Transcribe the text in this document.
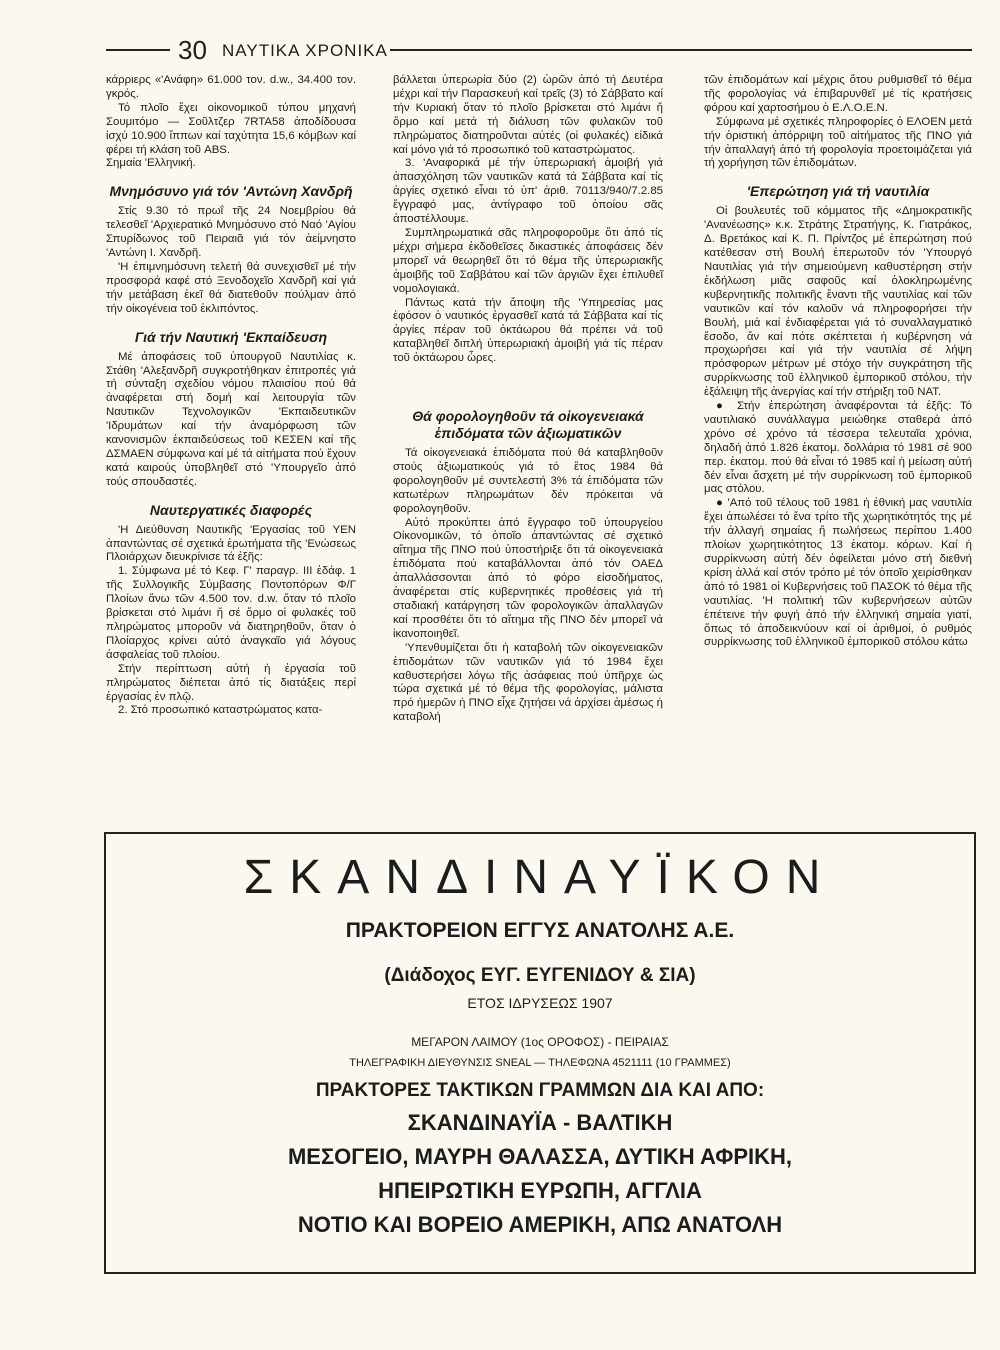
30 ΝΑΥΤΙΚΑ ΧΡΟΝΙΚΑ

κάρριερς «'Ανάφη» 61.000 τον. d.w., 34.400 τον. γκρός.

Τό πλοῖο ἔχει οἰκονομικοῦ τύπου μηχανή Σουμιτόμο — Σοῦλτζερ 7RTA58 ἀποδίδουσα ἰσχύ 10.900 ἵππων καί ταχύτητα 15,6 κόμβων καί φέρει τή κλάση τοῦ ABS.

Σημαία 'Ελληνική.

Μνημόσυνο γιά τόν 'Αντώνη Χανδρῆ

Στίς 9.30 τό πρωΐ τῆς 24 Νοεμβρίου θά τελεσθεῖ 'Αρχιερατικό Μνημόσυνο στό Ναό 'Αγίου Σπυρίδωνος τοῦ Πειραιᾶ γιά τόν ἀείμνηστο 'Αντώνη Ι. Χανδρῆ.

'Η ἐπιμνημόσυνη τελετή θά συνεχισθεῖ μέ τήν προσφορά καφέ στό Ξενοδοχεῖο Χανδρῆ καί γιά τήν μετάβαση ἐκεῖ θά διατεθοῦν πούλμαν ἀπό τήν οἰκογένεια τοῦ ἐκλιπόντος.

Γιά τήν Ναυτική 'Εκπαίδευση

Μέ ἀποφάσεις τοῦ ὑπουργοῦ Ναυτιλίας κ. Στάθη 'Αλεξανδρῆ συγκροτήθηκαν ἐπιτροπές γιά τή σύνταξη σχεδίου νόμου πλαισίου πού θά ἀναφέρεται στή δομή καί λειτουργία τῶν Ναυτικῶν Τεχνολογικῶν 'Εκπαιδευτικῶν 'Ιδρυμάτων καί τήν ἀναμόρφωση τῶν κανονισμῶν ἐκπαιδεύσεως τοῦ ΚΕΣΕΝ καί τῆς ΔΣΜΑΕΝ σύμφωνα καί μέ τά αἰτήματα πού ἔχουν κατά καιρούς ὑποβληθεῖ στό 'Υπουργεῖο ἀπό τούς σπουδαστές.

Ναυτεργατικές διαφορές

'Η Διεύθυνση Ναυτικῆς 'Εργασίας τοῦ ΥΕΝ ἀπαντώντας σέ σχετικά ἐρωτήματα τῆς 'Ενώσεως Πλοιάρχων διευκρίνισε τά ἑξῆς:

1. Σύμφωνα μέ τό Κεφ. Γ' παραγρ. III ἐδάφ. 1 τῆς Συλλογικῆς Σύμβασης Ποντοπόρων Φ/Γ Πλοίων ἄνω τῶν 4.500 τον. d.w. ὅταν τό πλοῖο βρίσκεται στό λιμάνι ἤ σέ ὅρμο οἱ φυλακές τοῦ πληρώματος μποροῦν νά διατηρηθοῦν, ὅταν ὁ Πλοίαρχος κρίνει αὐτό ἀναγκαῖο γιά λόγους ἀσφαλείας τοῦ πλοίου.

Στήν περίπτωση αὐτή ἡ ἐργασία τοῦ πληρώματος διέπεται ἀπό τίς διατάξεις περί ἐργασίας ἐν πλῷ.

2. Στό προσωπικό καταστρώματος κατα-

βάλλεται ὑπερωρία δύο (2) ὡρῶν ἀπό τή Δευτέρα μέχρι καί τήν Παρασκευή καί τρεῖς (3) τό Σάββατο καί τήν Κυριακή ὅταν τό πλοῖο βρίσκεται στό λιμάνι ἤ ὅρμο καί μετά τή διάλυση τῶν φυλακῶν τοῦ πληρώματος διατηροῦνται αὐτές (οἱ φυλακές) εἰδικά καί μόνο γιά τό προσωπικό τοῦ καταστρώματος.

3. 'Αναφορικά μέ τήν ὑπερωριακή ἀμοιβή γιά ἀπασχόληση τῶν ναυτικῶν κατά τά Σάββατα καί τίς ἀργίες σχετικό εἶναι τό ὑπ' ἀριθ. 70113/940/7.2.85 ἔγγραφό μας, ἀντίγραφο τοῦ ὁποίου σᾶς ἀποστέλλουμε.

Συμπληρωματικά σᾶς πληροφοροῦμε ὅτι ἀπό τίς μέχρι σήμερα ἐκδοθεῖσες δικαστικές ἀποφάσεις δέν μπορεῖ νά θεωρηθεῖ ὅτι τό θέμα τῆς ὑπερωριακῆς ἀμοιβῆς τοῦ Σαββάτου καί τῶν ἀργιῶν ἔχει ἐπιλυθεῖ νομολογιακά.

Πάντως κατά τήν ἄποψη τῆς 'Υπηρεσίας μας ἐφόσον ὁ ναυτικός ἐργασθεῖ κατά τά Σάββατα καί τίς ἀργίες πέραν τοῦ ὀκτάωρου θά πρέπει νά τοῦ καταβληθεῖ διπλή ὑπερωριακή ἀμοιβή γιά τίς πέραν τοῦ ὀκτάωρου ὧρες.

Θά φορολογηθοῦν τά οἰκογενειακά ἐπιδόματα τῶν ἀξιωματικῶν

Τά οἰκογενειακά ἐπιδόματα πού θά καταβληθοῦν στούς ἀξιωματικούς γιά τό ἔτος 1984 θά φορολογηθοῦν μέ συντελεστή 3% τά ἐπιδόματα τῶν κατωτέρων πληρωμάτων δέν πρόκειται νά φορολογηθοῦν.

Αὐτό προκύπτει ἀπό ἔγγραφο τοῦ ὑπουργείου Οἰκονομικῶν, τό ὁποῖο ἀπαντώντας σέ σχετικό αἴτημα τῆς ΠΝΟ πού ὑποστήριξε ὅτι τά οἰκογενειακά ἐπιδόματα πού καταβάλλονται ἀπό τόν ΟΑΕΔ ἀπαλλάσσονται ἀπό τό φόρο εἰσοδήματος, ἀναφέρεται στίς κυβερνητικές προθέσεις γιά τή σταδιακή κατάργηση τῶν φορολογικῶν ἀπαλλαγῶν καί προσθέτει ὅτι τό αἴτημα τῆς ΠΝΟ δέν μπορεῖ νά ἱκανοποιηθεῖ.

'Υπενθυμίζεται ὅτι ἡ καταβολή τῶν οἰκογενειακῶν ἐπιδομάτων τῶν ναυτικῶν γιά τό 1984 ἔχει καθυστερήσει λόγω τῆς ἀσάφειας πού ὑπῆρχε ὡς τώρα σχετικά μέ τό θέμα τῆς φορολογίας, μάλιστα πρό ἡμερῶν ἡ ΠΝΟ εἶχε ζητήσει νά ἀρχίσει ἀμέσως ἡ καταβολή

τῶν ἐπιδομάτων καί μέχρις ὅτου ρυθμισθεῖ τό θέμα τῆς φορολογίας νά ἐπιβαρυνθεῖ μέ τίς κρατήσεις φόρου καί χαρτοσήμου ὁ Ε.Λ.Ο.Ε.Ν.

Σύμφωνα μέ σχετικές πληροφορίες ὁ ΕΛΟΕΝ μετά τήν ὁριστική ἀπόρριψη τοῦ αἰτήματος τῆς ΠΝΟ γιά τήν ἀπαλλαγή ἀπό τή φορολογία προετοιμάζεται γιά τή χορήγηση τῶν ἐπιδομάτων.

'Επερώτηση γιά τή ναυτιλία

Οἱ βουλευτές τοῦ κόμματος τῆς «Δημοκρατικῆς 'Ανανέωσης» κ.κ. Στράτης Στρατήγης, Κ. Γιατράκος, Δ. Βρετάκος καί Κ. Π. Πρίντζος μέ ἐπερώτηση πού κατέθεσαν στή Βουλή ἐπερωτοῦν τόν 'Υπουργό Ναυτιλίας γιά τήν σημειούμενη καθυστέρηση στήν ἐκδήλωση μιᾶς σαφοῦς καί ὁλοκληρωμένης κυβερνητικῆς πολιτικῆς ἔναντι τῆς ναυτιλίας καί τῶν ναυτικῶν καί τόν καλοῦν νά πληροφορήσει τήν Βουλή, μιά καί ἐνδιαφέρεται γιά τό συναλλαγματικό ἔσοδο, ἄν καί πότε σκέπτεται ἡ κυβέρνηση νά προχωρήσει καί γιά τήν ναυτιλία σέ λήψη πρόσφορων μέτρων μέ στόχο τήν συγκράτηση τῆς συρρίκνωσης τοῦ ἑλληνικοῦ ἐμπορικοῦ στόλου, τήν ἐξάλειψη τῆς ἀνεργίας καί τήν στήριξη τοῦ ΝΑΤ.

● Στήν ἐπερώτηση ἀναφέρονται τά ἑξῆς: Τό ναυτιλιακό συνάλλαγμα μειώθηκε σταθερά ἀπό χρόνο σέ χρόνο τά τέσσερα τελευταῖα χρόνια, δηλαδή ἀπό 1.826 ἑκατομ. δολλάρια τό 1981 σέ 900 περ. ἑκατομ. πού θά εἶναι τό 1985 καί ἡ μείωση αὐτή δέν εἶναι ἄσχετη μέ τήν συρρίκνωση τοῦ ἐμπορικοῦ μας στόλου.

● 'Από τοῦ τέλους τοῦ 1981 ἡ ἐθνική μας ναυτιλία ἔχει ἀπωλέσει τό ἕνα τρίτο τῆς χωρητικότητός της μέ τήν ἀλλαγή σημαίας ἤ πωλήσεως περίπου 1.400 πλοίων χωρητικότητος 13 ἑκατομ. κόρων. Καί ἡ συρρίκνωση αὐτή δέν ὀφείλεται μόνο στή διεθνή κρίση ἀλλά καί στόν τρόπο μέ τόν ὁποῖο χειρίσθηκαν ἀπό τό 1981 οἱ Κυβερνήσεις τοῦ ΠΑΣΟΚ τό θέμα τῆς ναυτιλίας. 'Η πολιτική τῶν κυβερνήσεων αὐτῶν ἐπέτεινε τήν φυγή ἀπό τήν ἑλληνική σημαία γιατί, ὅπως τό ἀποδεικνύουν καί οἱ ἀριθμοί, ὁ ρυθμός συρρίκνωσης τοῦ ἑλληνικοῦ ἐμπορικοῦ στόλου κάτω

ΣΚΑΝΔΙΝΑΥΪΚΟΝ
ΠΡΑΚΤΟΡΕΙΟΝ ΕΓΓΥΣ ΑΝΑΤΟΛΗΣ Α.Ε.
(Διάδοχος ΕΥΓ. ΕΥΓΕΝΙΔΟΥ & ΣΙΑ)
ΕΤΟΣ ΙΔΡΥΣΕΩΣ 1907
ΜΕΓΑΡΟΝ ΛΑΙΜΟΥ (1ος ΟΡΟΦΟΣ) - ΠΕΙΡΑΙΑΣ
ΤΗΛΕΓΡΑΦΙΚΗ ΔΙΕΥΘΥΝΣΙΣ SNEAL — ΤΗΛΕΦΩΝΑ 4521111 (10 ΓΡΑΜΜΕΣ)
ΠΡΑΚΤΟΡΕΣ ΤΑΚΤΙΚΩΝ ΓΡΑΜΜΩΝ ΔΙΑ ΚΑΙ ΑΠΟ:
ΣΚΑΝΔΙΝΑΥΪΑ - ΒΑΛΤΙΚΗ
ΜΕΣΟΓΕΙΟ, ΜΑΥΡΗ ΘΑΛΑΣΣΑ, ΔΥΤΙΚΗ ΑΦΡΙΚΗ,
ΗΠΕΙΡΩΤΙΚΗ ΕΥΡΩΠΗ, ΑΓΓΛΙΑ
ΝΟΤΙΟ ΚΑΙ ΒΟΡΕΙΟ ΑΜΕΡΙΚΗ, ΑΠΩ ΑΝΑΤΟΛΗ
